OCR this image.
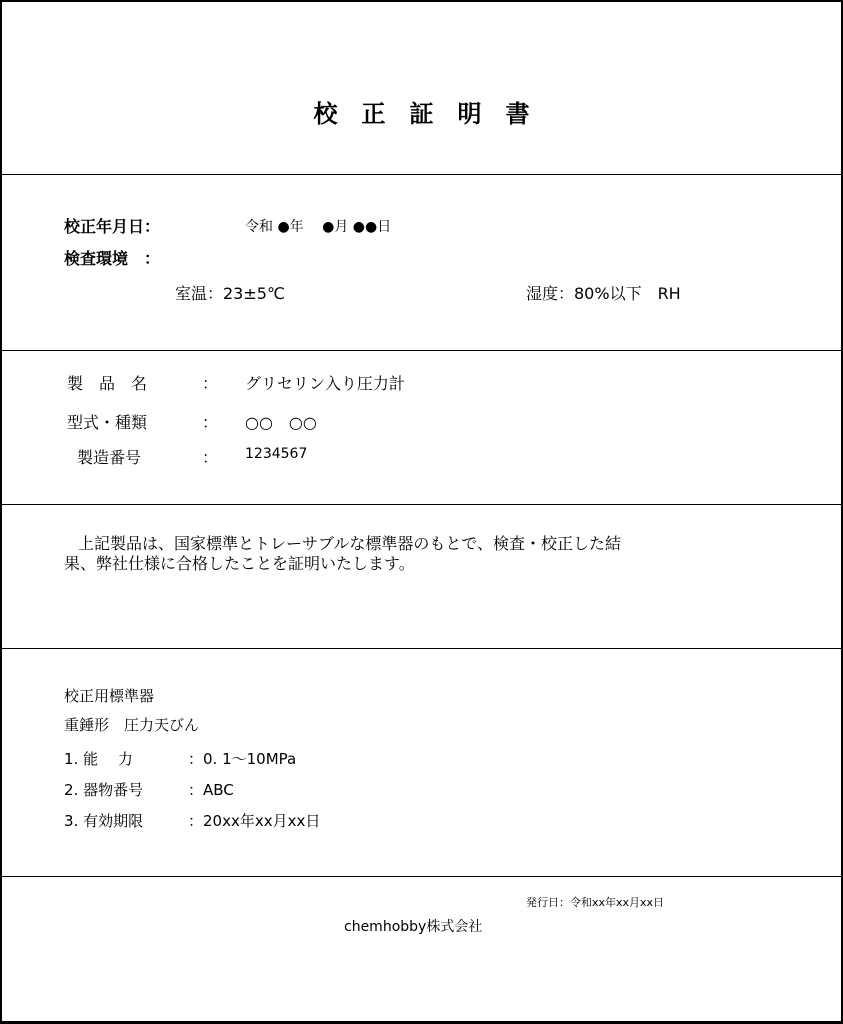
校 正 証 明 書
校正年月日：	令和 ●年　 ●月 ●●日
検査環境　：
室温：23±5℃	湿度：80%以下　RH
製　品　名	： グリセリン入り圧力計
型式・種類	： ○○　○○
製造番号	： 1234567
上記製品は、国家標準とトレーサブルな標準器のもとで、検査・校正した結
果、弊社仕様に合格したことを証明いたします。
校正用標準器
重錘形　圧力天びん
1. 能　 力	：0. 1～10MPa
2. 器物番号	：ABC
3. 有効期限	：20xx年xx月xx日
発行日：令和xx年xx月xx日
chemhobby株式会社
